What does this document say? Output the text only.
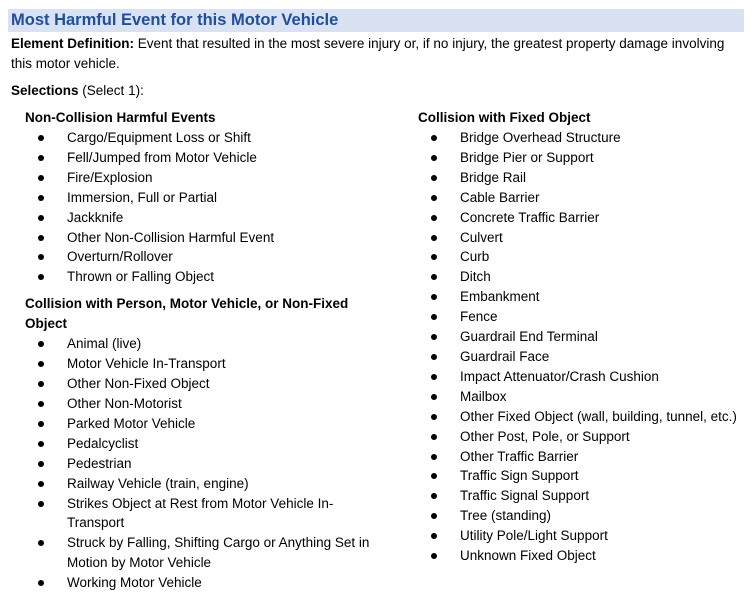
Most Harmful Event for this Motor Vehicle
Element Definition: Event that resulted in the most severe injury or, if no injury, the greatest property damage involving this motor vehicle.
Selections (Select 1):
Non-Collision Harmful Events
Cargo/Equipment Loss or Shift
Fell/Jumped from Motor Vehicle
Fire/Explosion
Immersion, Full or Partial
Jackknife
Other Non-Collision Harmful Event
Overturn/Rollover
Thrown or Falling Object
Collision with Person, Motor Vehicle, or Non-Fixed Object
Animal (live)
Motor Vehicle In-Transport
Other Non-Fixed Object
Other Non-Motorist
Parked Motor Vehicle
Pedalcyclist
Pedestrian
Railway Vehicle (train, engine)
Strikes Object at Rest from Motor Vehicle In-Transport
Struck by Falling, Shifting Cargo or Anything Set in Motion by Motor Vehicle
Working Motor Vehicle
Collision with Fixed Object
Bridge Overhead Structure
Bridge Pier or Support
Bridge Rail
Cable Barrier
Concrete Traffic Barrier
Culvert
Curb
Ditch
Embankment
Fence
Guardrail End Terminal
Guardrail Face
Impact Attenuator/Crash Cushion
Mailbox
Other Fixed Object (wall, building, tunnel, etc.)
Other Post, Pole, or Support
Other Traffic Barrier
Traffic Sign Support
Traffic Signal Support
Tree (standing)
Utility Pole/Light Support
Unknown Fixed Object
